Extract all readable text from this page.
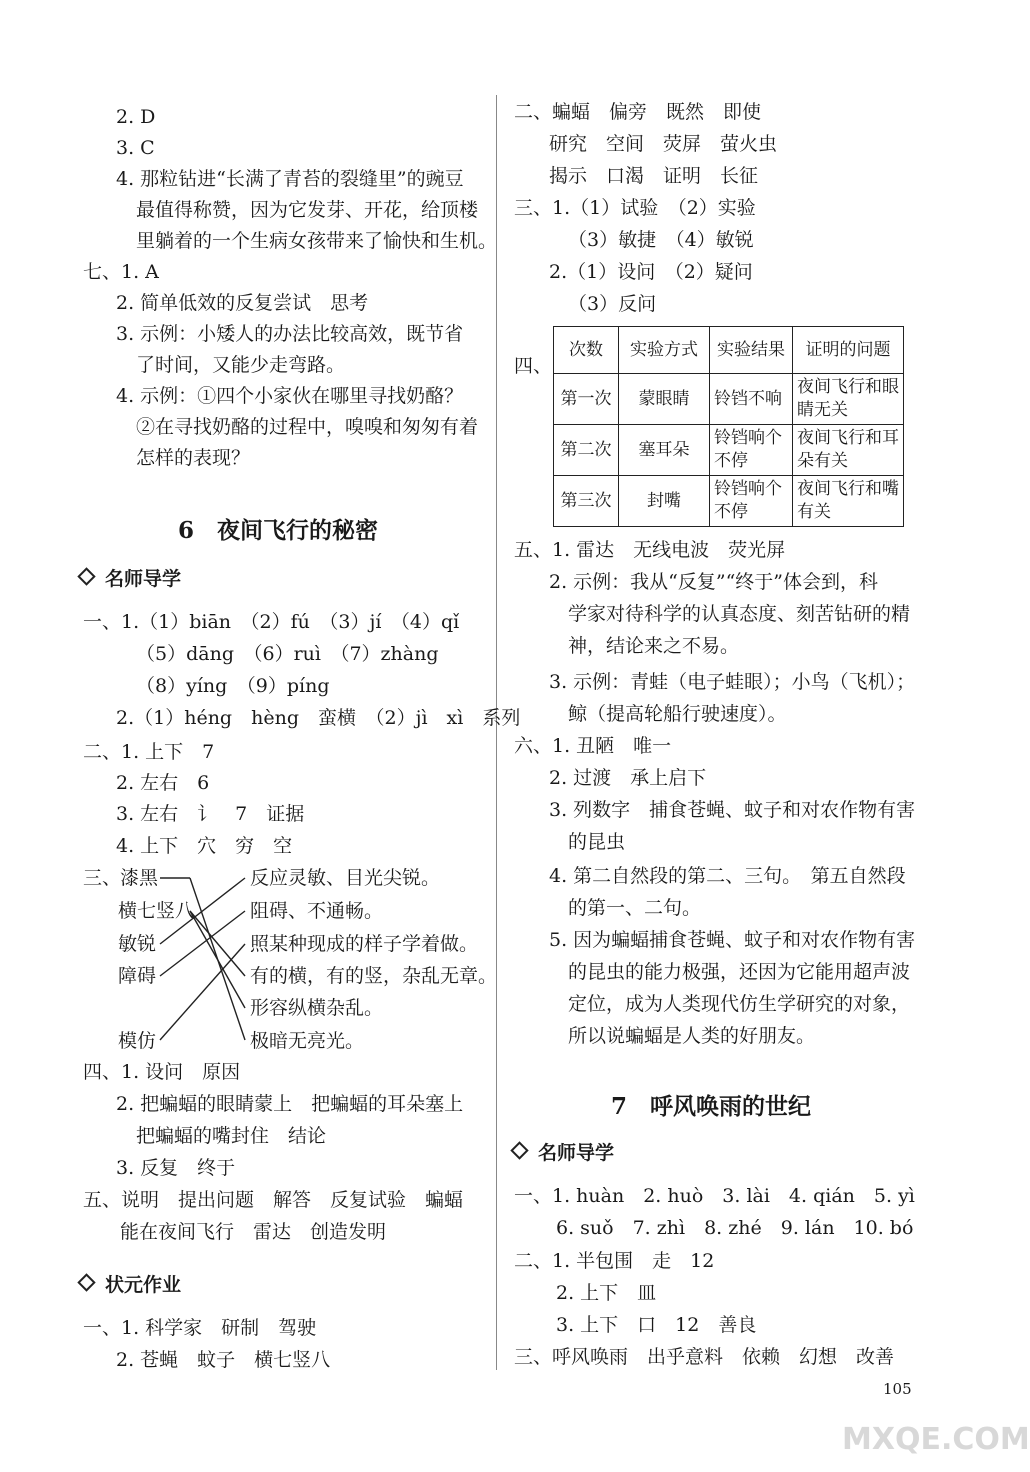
2. D
3. C
4. 那粒钻进“长满了青苔的裂缝里”的豌豆
最值得称赞，因为它发芽、开花，给顶楼
里躺着的一个生病女孩带来了愉快和生机。
七、1. A
2. 简单低效的反复尝试　思考
3. 示例：小矮人的办法比较高效，既节省
了时间，又能少走弯路。
4. 示例：①四个小家伙在哪里寻找奶酪？
②在寻找奶酪的过程中，嗅嗅和匆匆有着
怎样的表现？
6　夜间飞行的秘密
名师导学
一、1.（1）biān　（2）fú　（3）jí　（4）qǐ
（5）dāng　（6）ruì　（7）zhàng
（8）yíng　（9）píng
2.（1）héng　hèng　蛮横　（2）jì　xì　系列
二、1. 上下　7
2. 左右　6
3. 左右　讠　7　证据
4. 上下　穴　穷　空
三、
漆黑
横七竖八
敏锐
障碍
模仿
反应灵敏、目光尖锐。
阻碍、不通畅。
照某种现成的样子学着做。
有的横，有的竖，杂乱无章。
形容纵横杂乱。
极暗无亮光。
四、1. 设问　原因
2. 把蝙蝠的眼睛蒙上　把蝙蝠的耳朵塞上
把蝙蝠的嘴封住　结论
3. 反复　终于
五、说明　提出问题　解答　反复试验　蝙蝠
能在夜间飞行　雷达　创造发明
状元作业
一、1. 科学家　研制　驾驶
2. 苍蝇　蚊子　横七竖八
二、蝙蝠　偏旁　既然　即使
研究　空间　荧屏　萤火虫
揭示　口渴　证明　长征
三、1.（1）试验　（2）实验
（3）敏捷　（4）敏锐
2.（1）设问　（2）疑问
（3）反问
四、
次数	实验方式	实验结果	证明的问题
第一次	蒙眼睛	铃铛不响	夜间飞行和眼睛无关
第二次	塞耳朵	铃铛响个不停	夜间飞行和耳朵有关
第三次	封嘴	铃铛响个不停	夜间飞行和嘴有关
五、1. 雷达　无线电波　荧光屏
2. 示例：我从“反复”“终于”体会到，科
学家对待科学的认真态度、刻苦钻研的精
神，结论来之不易。
3. 示例：青蛙（电子蛙眼）；小鸟（飞机）；
鲸（提高轮船行驶速度）。
六、1. 丑陋　唯一
2. 过渡　承上启下
3. 列数字　捕食苍蝇、蚊子和对农作物有害
的昆虫
4. 第二自然段的第二、三句。　第五自然段
的第一、二句。
5. 因为蝙蝠捕食苍蝇、蚊子和对农作物有害
的昆虫的能力极强，还因为它能用超声波
定位，成为人类现代仿生学研究的对象，
所以说蝙蝠是人类的好朋友。
7　呼风唤雨的世纪
名师导学
一、1. huàn　2. huò　3. lài　4. qián　5. yì
6. suǒ　7. zhì　8. zhé　9. lán　10. bó
二、1. 半包围　走　12
2. 上下　皿
3. 上下　口　12　善良
三、呼风唤雨　出乎意料　依赖　幻想　改善
105
MXQE.COM
